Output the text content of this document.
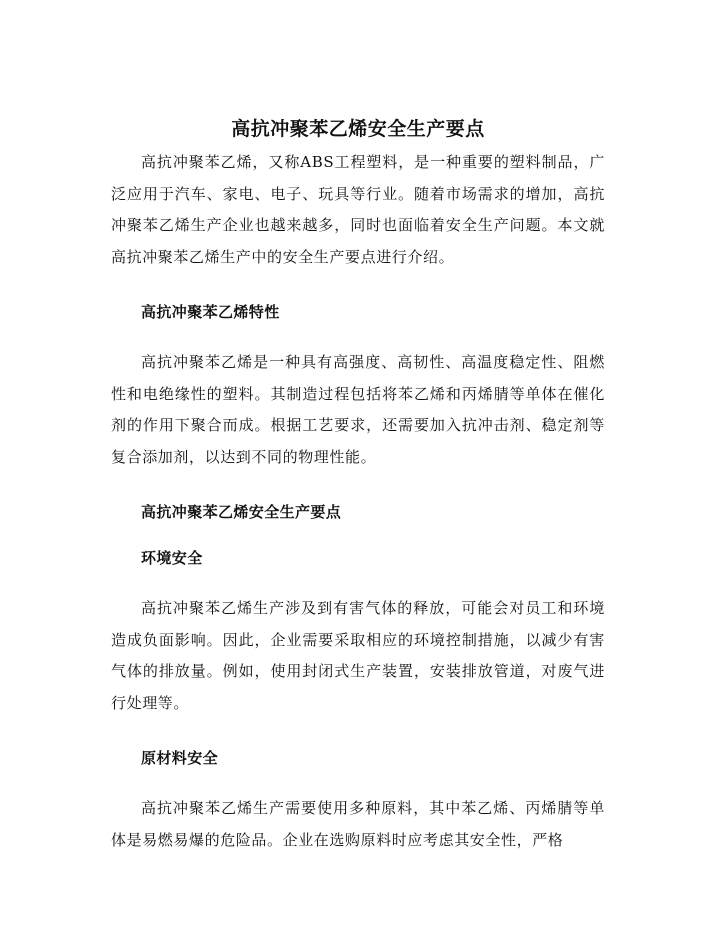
高抗冲聚苯乙烯安全生产要点

高抗冲聚苯乙烯，又称ABS工程塑料，是一种重要的塑料制品，广泛应用于汽车、家电、电子、玩具等行业。随着市场需求的增加，高抗冲聚苯乙烯生产企业也越来越多，同时也面临着安全生产问题。本文就高抗冲聚苯乙烯生产中的安全生产要点进行介绍。

高抗冲聚苯乙烯特性

高抗冲聚苯乙烯是一种具有高强度、高韧性、高温度稳定性、阻燃性和电绝缘性的塑料。其制造过程包括将苯乙烯和丙烯腈等单体在催化剂的作用下聚合而成。根据工艺要求，还需要加入抗冲击剂、稳定剂等复合添加剂，以达到不同的物理性能。

高抗冲聚苯乙烯安全生产要点
环境安全

高抗冲聚苯乙烯生产涉及到有害气体的释放，可能会对员工和环境造成负面影响。因此，企业需要采取相应的环境控制措施，以减少有害气体的排放量。例如，使用封闭式生产装置，安装排放管道，对废气进行处理等。

原材料安全

高抗冲聚苯乙烯生产需要使用多种原料，其中苯乙烯、丙烯腈等单体是易燃易爆的危险品。企业在选购原料时应考虑其安全性，严格
